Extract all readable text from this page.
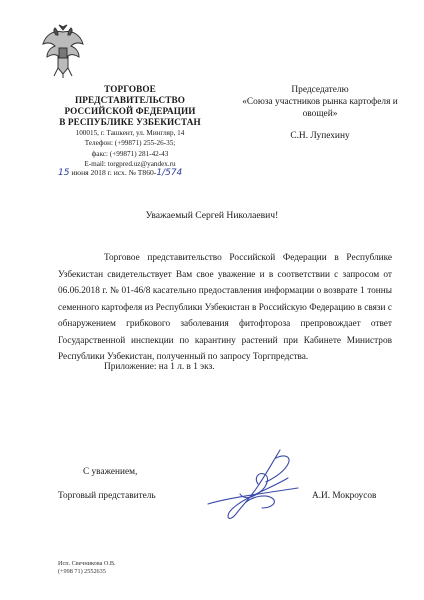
ТОРГОВОЕ ПРЕДСТАВИТЕЛЬСТВО
РОССИЙСКОЙ ФЕДЕРАЦИИ
В РЕСПУБЛИКЕ УЗБЕКИСТАН
100015, г. Ташкент, ул. Мингляр, 14
Телефон: (+99871) 255-26-35;
факс: (+99871) 281-42-43
E-mail: torgpred.uz@yandex.ru
Председателю
«Союза участников рынка картофеля и овощей»
С.Н. Лупехину
15 июня 2018 г. исх. № Т860-1/574
Уважаемый Сергей Николаевич!
Торговое представительство Российской Федерации в Республике Узбекистан свидетельствует Вам свое уважение и в соответствии с запросом от 06.06.2018 г. № 01-46/8 касательно предоставления информации о возврате 1 тонны семенного картофеля из Республики Узбекистан в Российскую Федерацию в связи с обнаружением грибкового заболевания фитофтороза препровождает ответ Государственной инспекции по карантину растений при Кабинете Министров Республики Узбекистан, полученный по запросу Торгпредства.
Приложение: на 1 л. в 1 экз.
С уважением,
Торговый представитель	А.И. Мокроусов
Исп. Свечникова О.В.
(+998 71) 2552635
